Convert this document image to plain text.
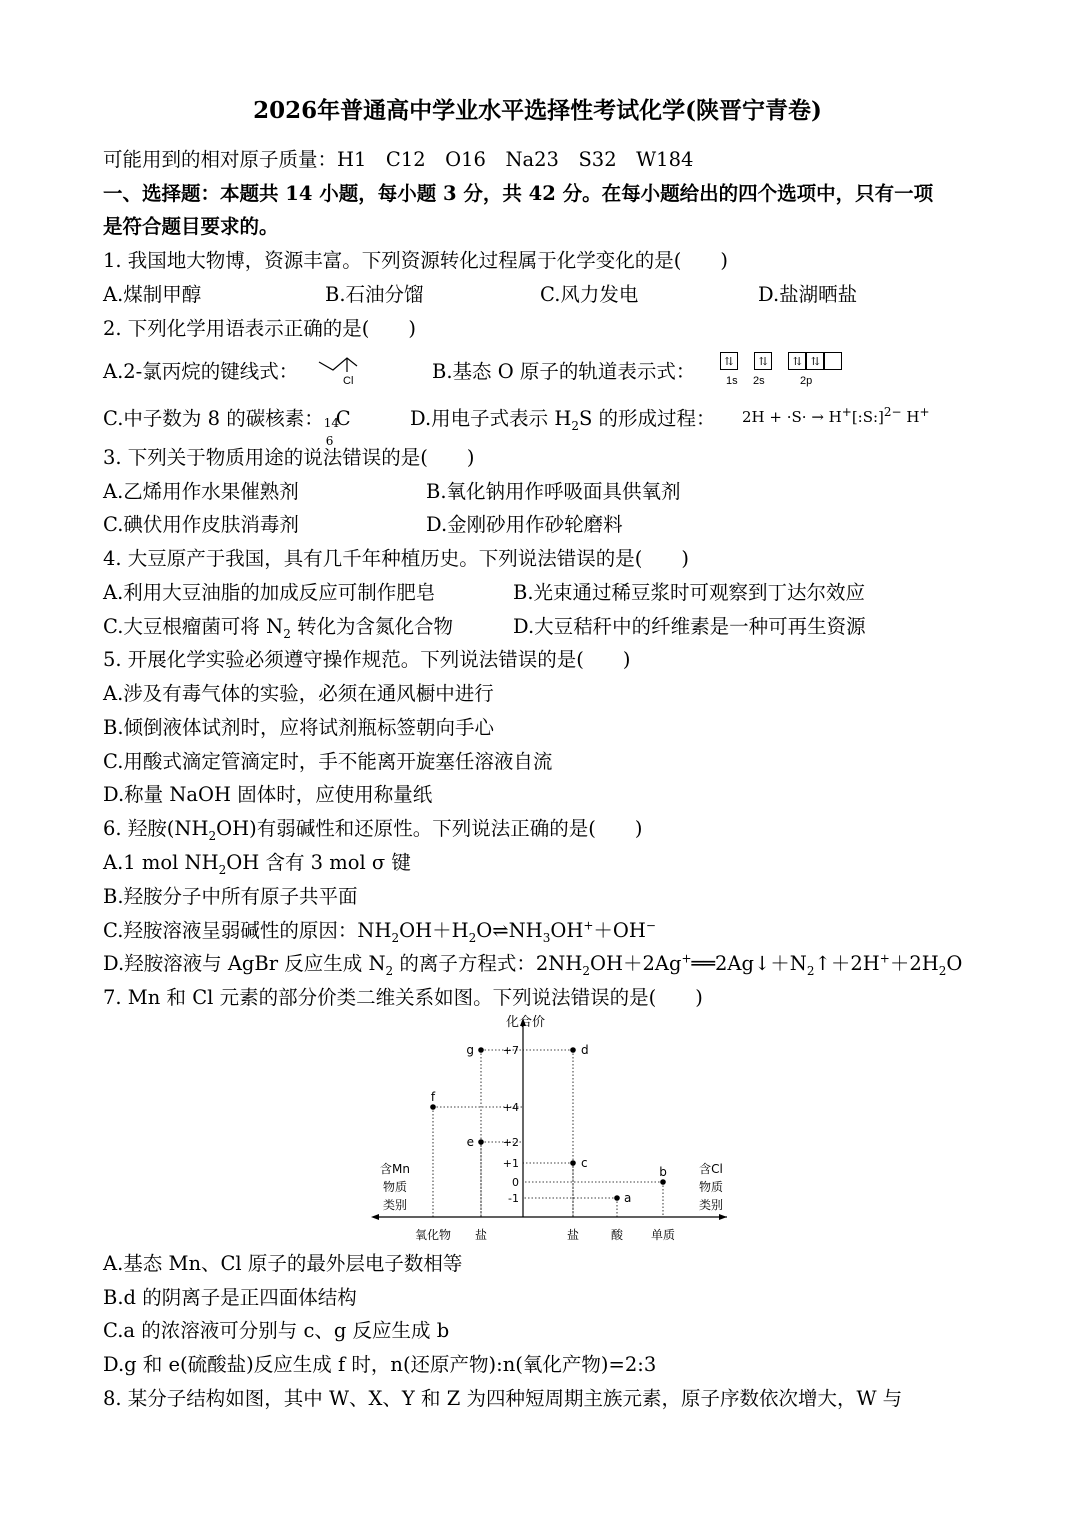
2026年普通高中学业水平选择性考试化学(陕晋宁青卷)
可能用到的相对原子质量：H1　C12　O16　Na23　S32　W184
一、选择题：本题共 14 小题，每小题 3 分，共 42 分。在每小题给出的四个选项中，只有一项
是符合题目要求的。
1. 我国地大物博，资源丰富。下列资源转化过程属于化学变化的是(　　)
A.煤制甲醇	B.石油分馏	C.风力发电	D.盐湖晒盐
2. 下列化学用语表示正确的是(　　)
A.2-氯丙烷的键线式：	Cl	B.基态 O 原子的轨道表示式：	⇅ ⇅ ⇅ ⇅
1s 2s	2p
C.中子数为 8 的碳核素： 14
6
C	D.用电子式表示 $H_2S$ 的形成过程： 2H + ·S· → H+[:S:]$^{2-}$ H+
3. 下列关于物质用途的说法错误的是(　　)
A.乙烯用作水果催熟剂	B.氧化钠用作呼吸面具供氧剂
C.碘伏用作皮肤消毒剂	D.金刚砂用作砂轮磨料
4. 大豆原产于我国，具有几千年种植历史。下列说法错误的是(　　)
A.利用大豆油脂的加成反应可制作肥皂	B.光束通过稀豆浆时可观察到丁达尔效应
C.大豆根瘤菌可将 $N_2$ 转化为含氮化合物	D.大豆秸秆中的纤维素是一种可再生资源
5. 开展化学实验必须遵守操作规范。下列说法错误的是(　　)
A.涉及有毒气体的实验，必须在通风橱中进行
B.倾倒液体试剂时，应将试剂瓶标签朝向手心
C.用酸式滴定管滴定时，手不能离开旋塞任溶液自流
D.称量 NaOH 固体时，应使用称量纸
6. 羟胺$(NH_2OH)$有弱碱性和还原性。下列说法正确的是(　　)
A.1 mol $NH_2OH$ 含有 3 mol σ 键
B.羟胺分子中所有原子共平面
C.羟胺溶液呈弱碱性的原因：$NH_2OH+H_2O\rightleftharpoons NH_3OH^++OH^-$
D.羟胺溶液与 AgBr 反应生成 $N_2$ 的离子方程式：$2NH_2OH+2Ag^+══2Ag↓+N_2↑+2H^++2H_2O$
7. Mn 和 Cl 元素的部分价类二维关系如图。下列说法错误的是(　　)
化合价
+7
+4
+2
+1
0
-1
含Mn
物质
类别
含Cl
物质
类别
氧化物 盐	盐	酸 单质
g
f
e
d
c
b
a
A.基态 Mn、Cl 原子的最外层电子数相等
B.d 的阴离子是正四面体结构
C.a 的浓溶液可分别与 c、g 反应生成 b
D.g 和 e(硫酸盐)反应生成 f 时，n(还原产物):n(氧化产物)=2:3
8. 某分子结构如图，其中 W、X、Y 和 Z 为四种短周期主族元素，原子序数依次增大，W 与
